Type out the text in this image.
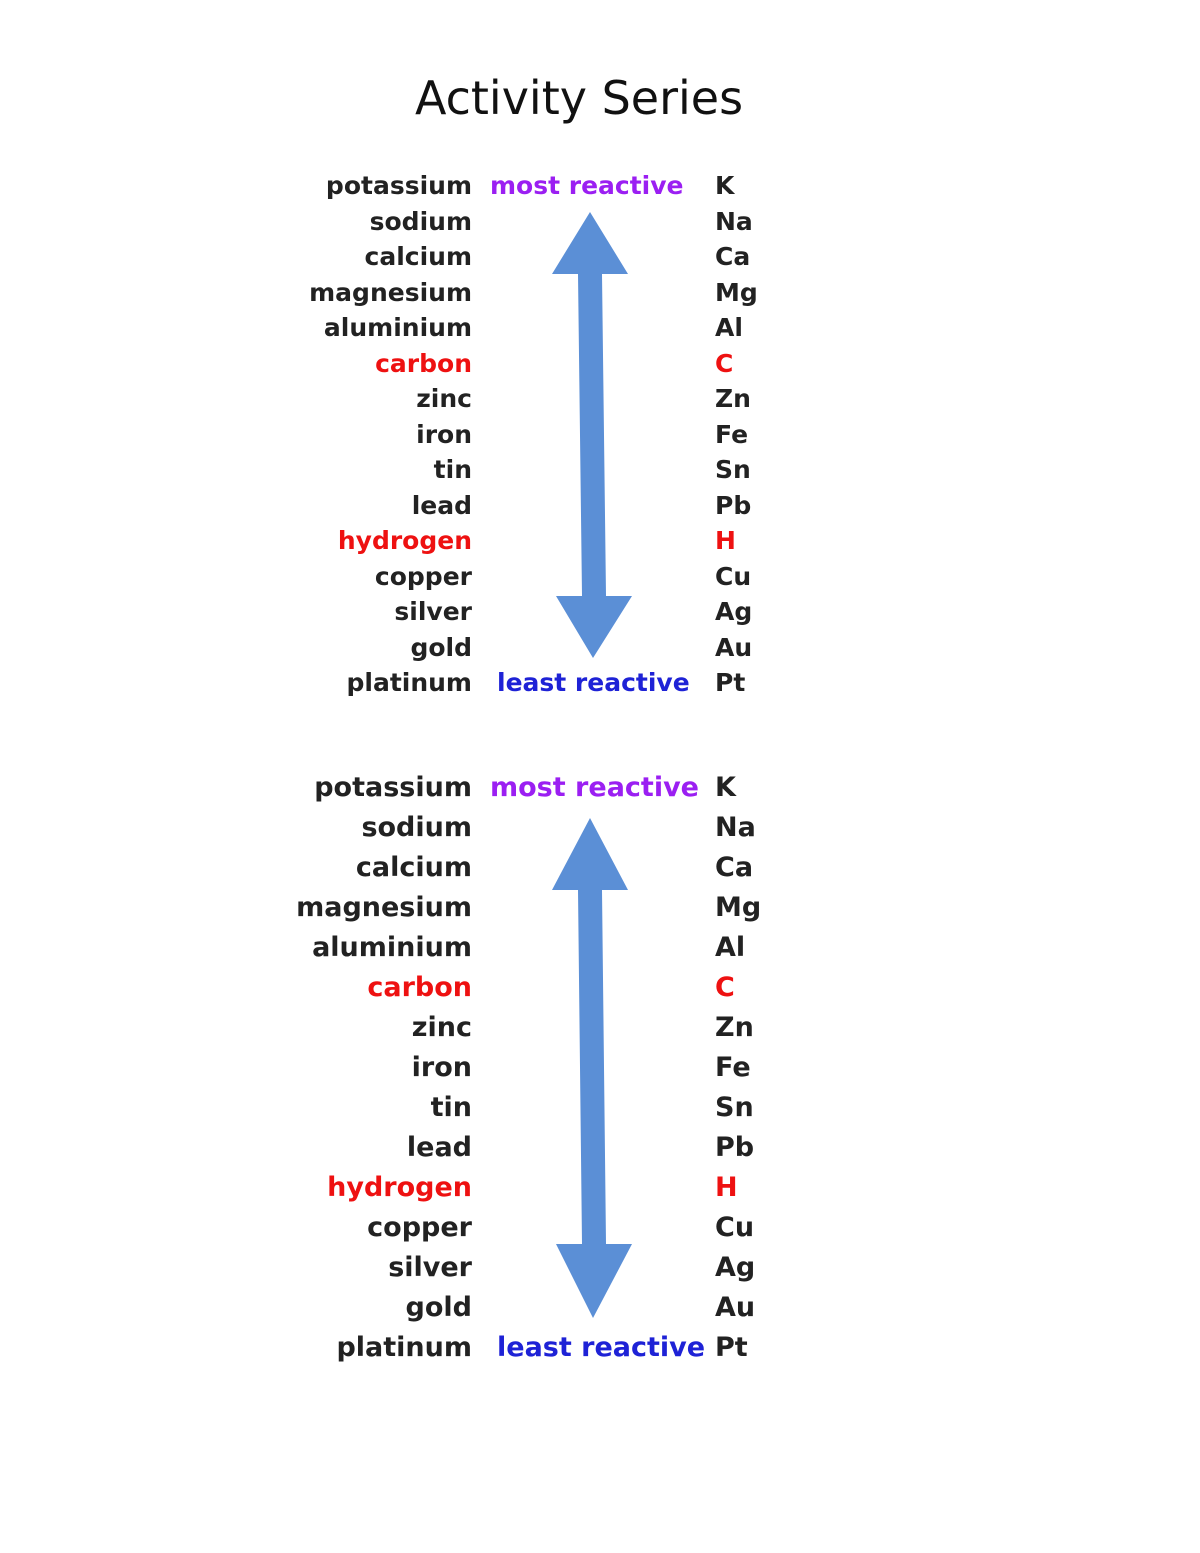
Activity Series
potassium
sodium
calcium
magnesium
aluminium
carbon
zinc
iron
tin
lead
hydrogen
copper
silver
gold
platinum
most reactive
least reactive
K
Na
Ca
Mg
Al
C
Zn
Fe
Sn
Pb
H
Cu
Ag
Au
Pt
potassium
sodium
calcium
magnesium
aluminium
carbon
zinc
iron
tin
lead
hydrogen
copper
silver
gold
platinum
most reactive
least reactive
K
Na
Ca
Mg
Al
C
Zn
Fe
Sn
Pb
H
Cu
Ag
Au
Pt
